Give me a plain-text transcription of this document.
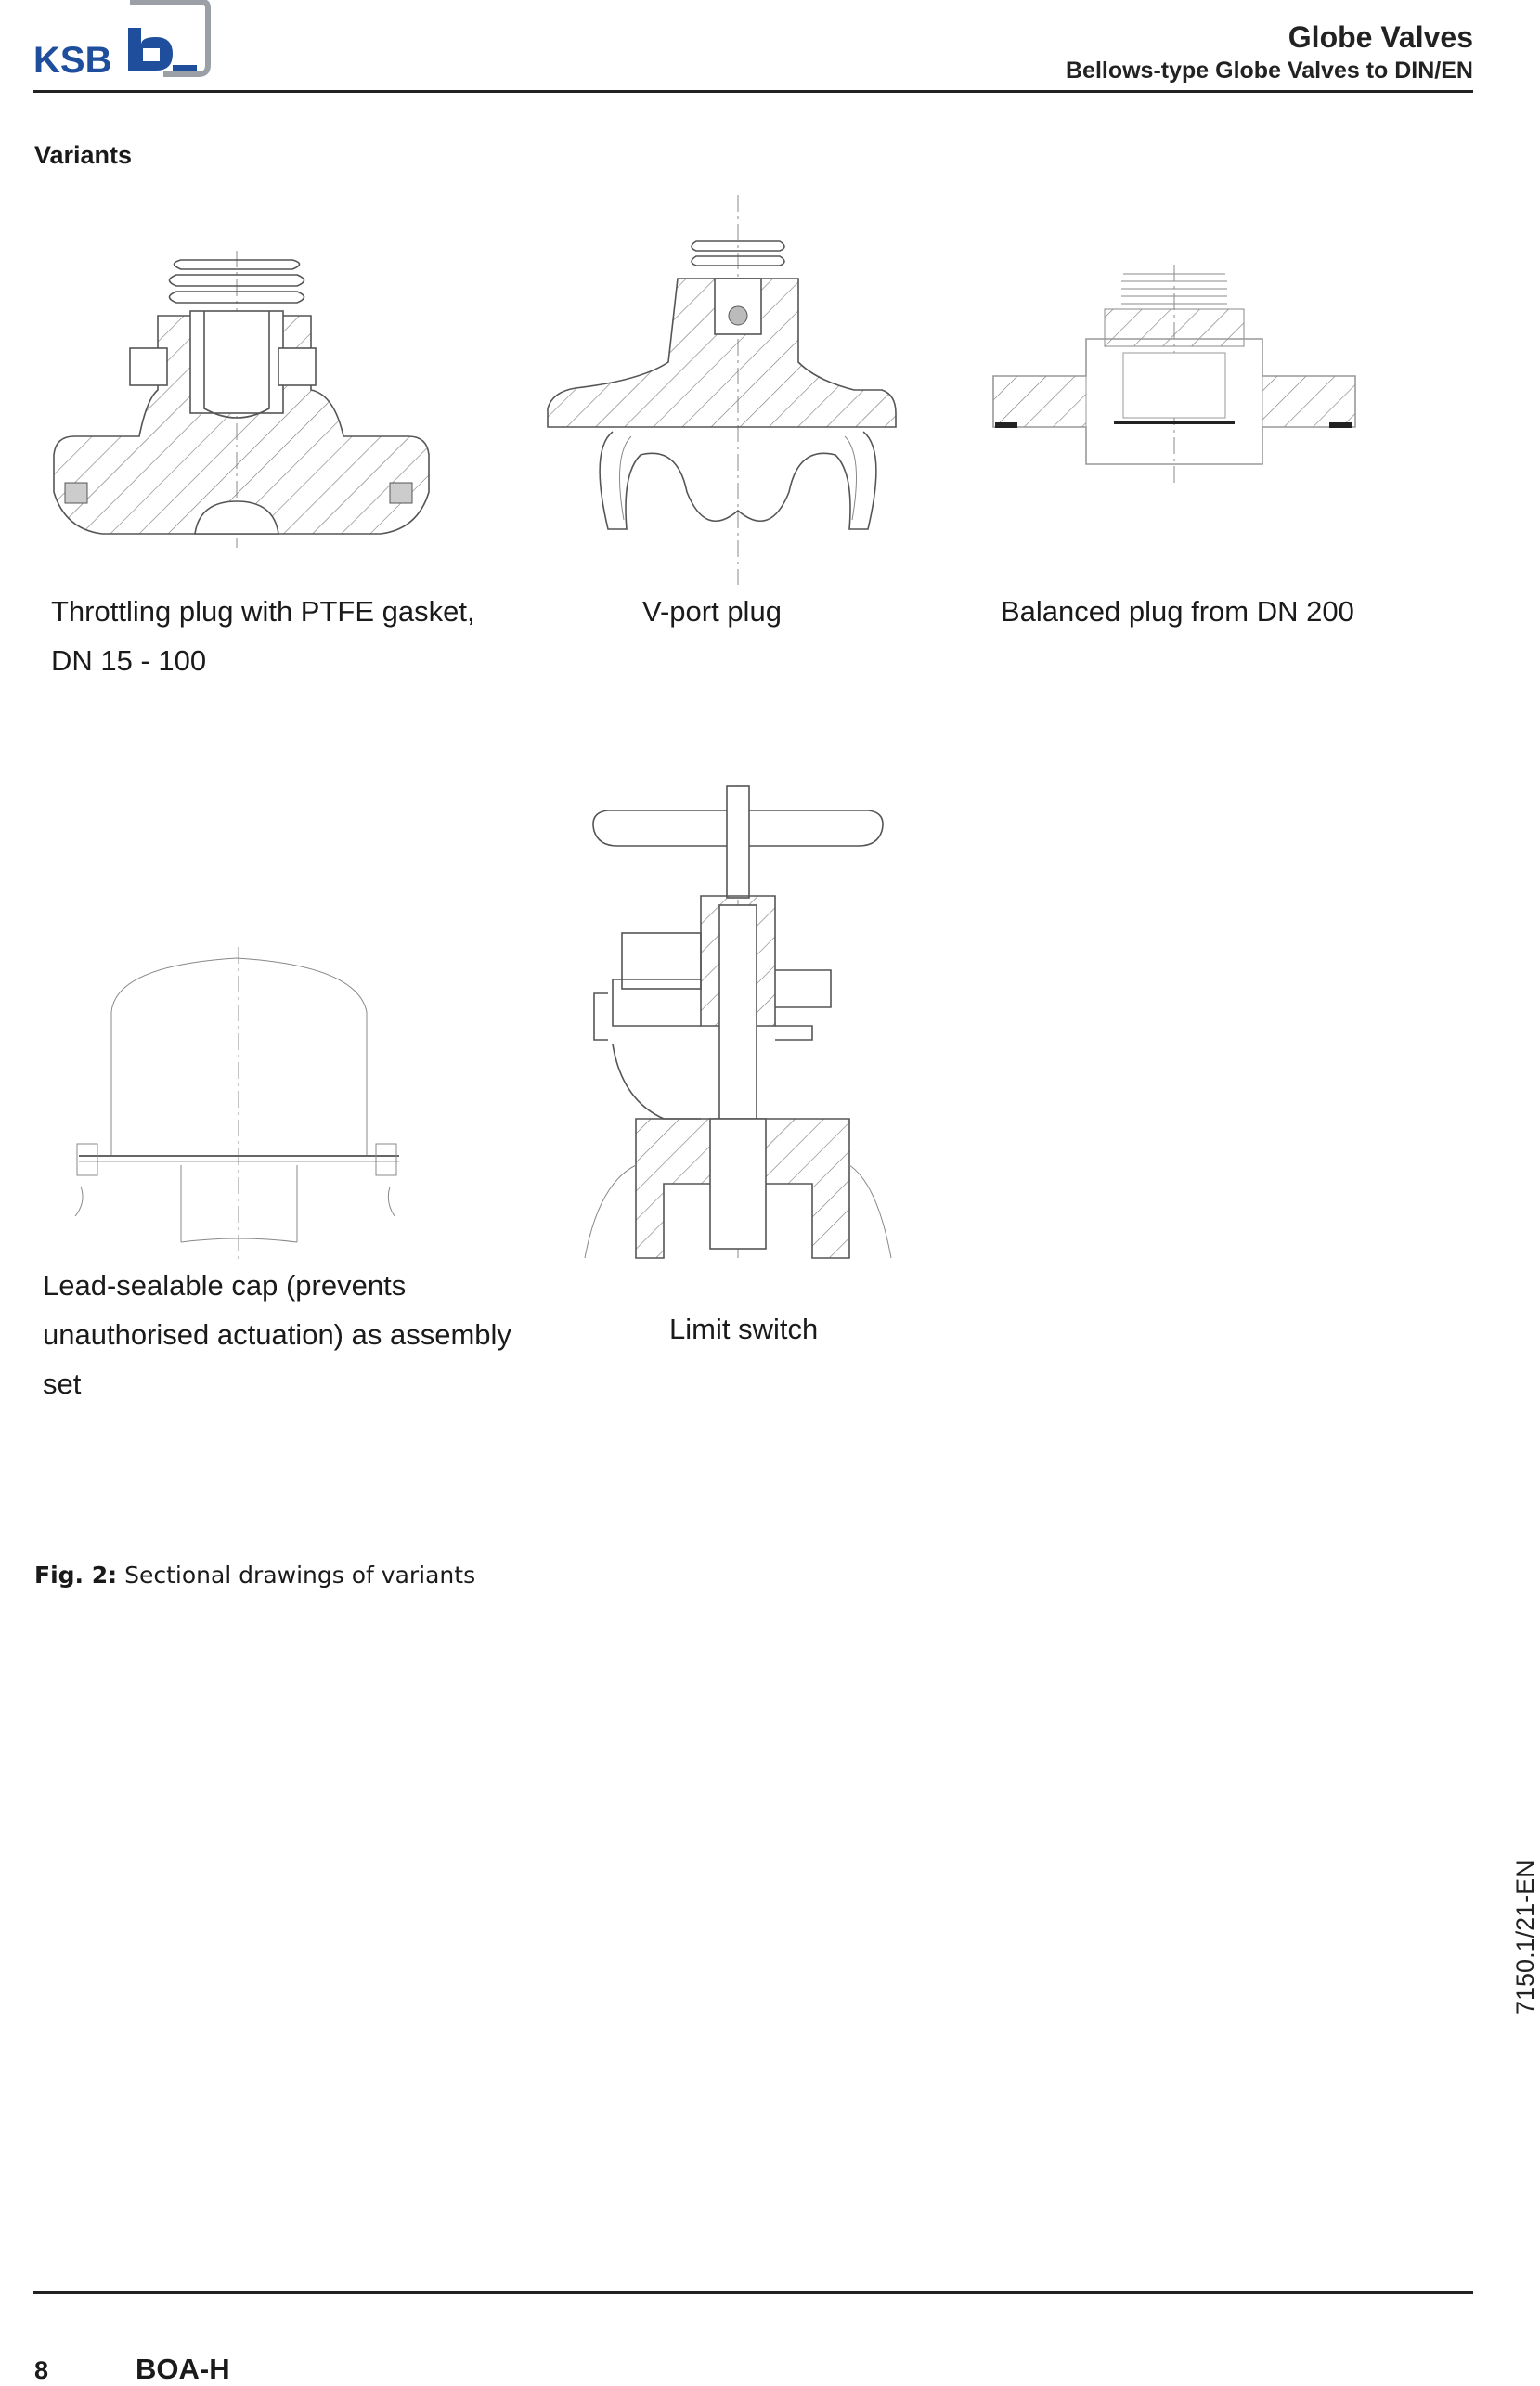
KSB
Globe Valves
Bellows-type Globe Valves to DIN/EN
Variants
Throttling plug with PTFE gasket,
DN 15 - 100
V-port plug	Balanced plug from DN 200
Lead-sealable cap (prevents
unauthorised actuation) as assembly
set
Limit switch
Fig. 2: Sectional drawings of variants
7150.1/21-EN
8	BOA-H
